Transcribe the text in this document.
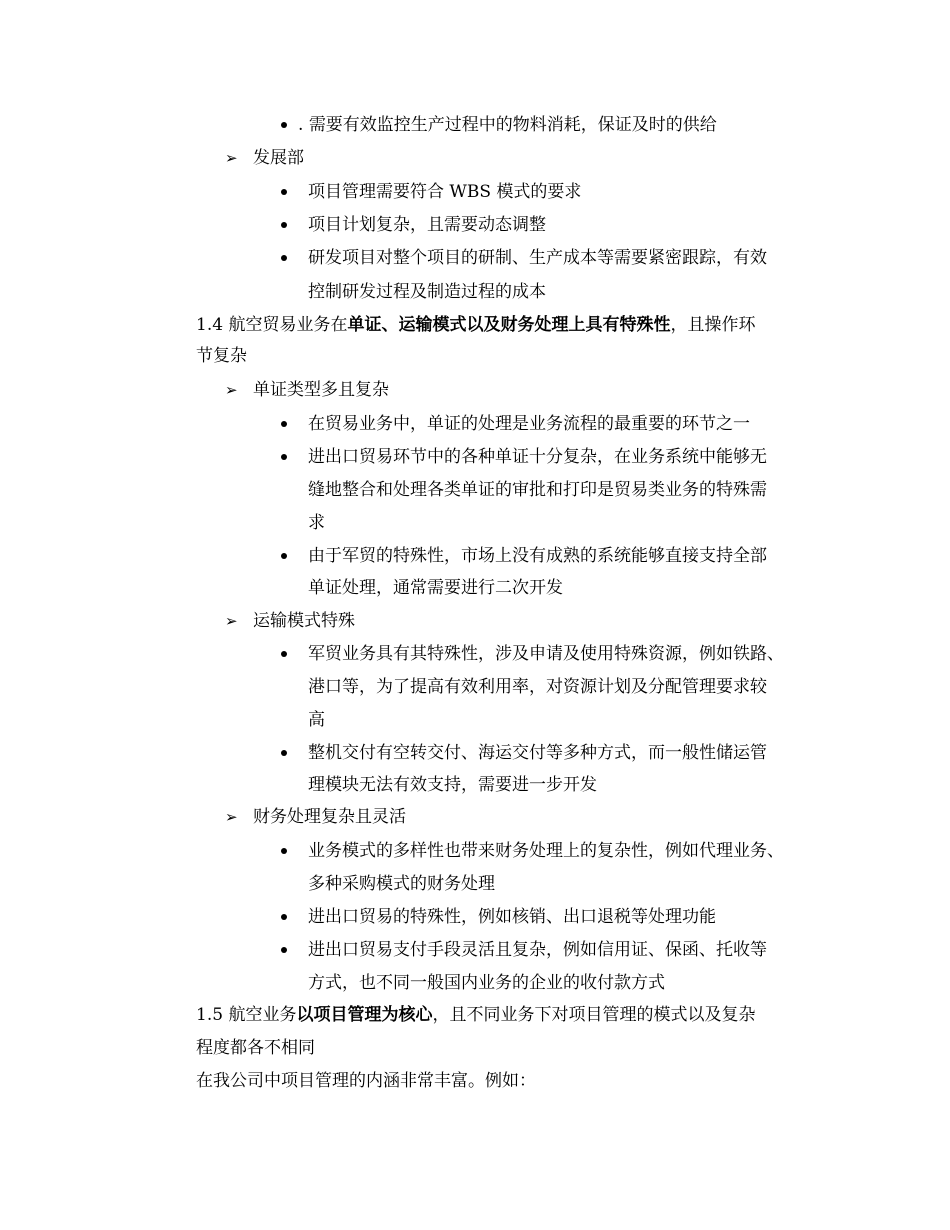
. 需要有效监控生产过程中的物料消耗，保证及时的供给
➢ 发展部
项目管理需要符合 WBS 模式的要求
项目计划复杂，且需要动态调整
研发项目对整个项目的研制、生产成本等需要紧密跟踪，有效
控制研发过程及制造过程的成本
1.4 航空贸易业务在单证、运输模式以及财务处理上具有特殊性，且操作环
节复杂
➢ 单证类型多且复杂
在贸易业务中，单证的处理是业务流程的最重要的环节之一
进出口贸易环节中的各种单证十分复杂，在业务系统中能够无
缝地整合和处理各类单证的审批和打印是贸易类业务的特殊需
求
由于军贸的特殊性，市场上没有成熟的系统能够直接支持全部
单证处理，通常需要进行二次开发
➢ 运输模式特殊
军贸业务具有其特殊性，涉及申请及使用特殊资源，例如铁路、
港口等，为了提高有效利用率，对资源计划及分配管理要求较
高
整机交付有空转交付、海运交付等多种方式，而一般性储运管
理模块无法有效支持，需要进一步开发
➢ 财务处理复杂且灵活
业务模式的多样性也带来财务处理上的复杂性，例如代理业务、
多种采购模式的财务处理
进出口贸易的特殊性，例如核销、出口退税等处理功能
进出口贸易支付手段灵活且复杂，例如信用证、保函、托收等
方式，也不同一般国内业务的企业的收付款方式
1.5 航空业务以项目管理为核心，且不同业务下对项目管理的模式以及复杂
程度都各不相同
在我公司中项目管理的内涵非常丰富。例如：
